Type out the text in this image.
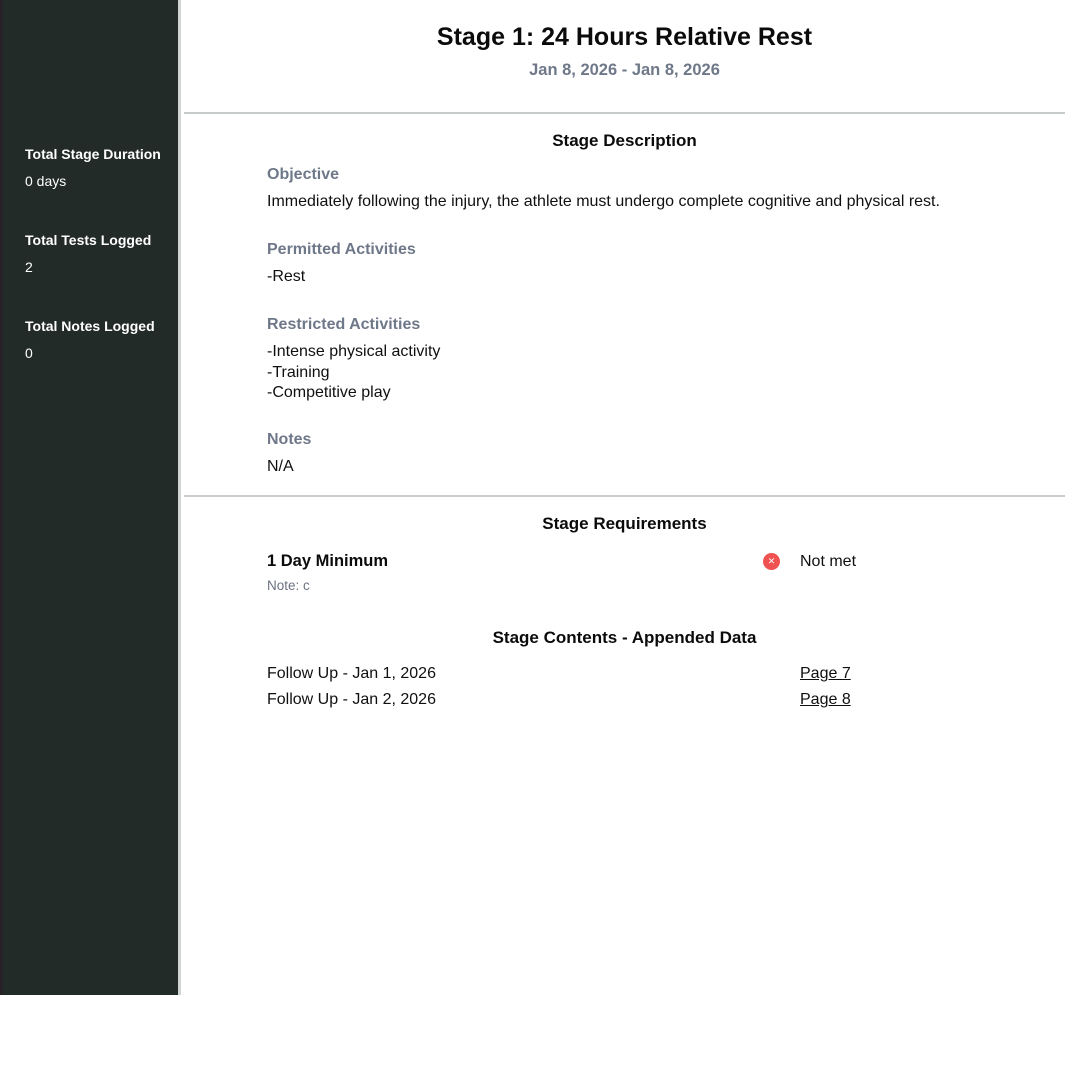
Total Stage Duration
0 days
Total Tests Logged
2
Total Notes Logged
0
Stage 1: 24 Hours Relative Rest
Jan 8, 2026 - Jan 8, 2026
Stage Description
Objective
Immediately following the injury, the athlete must undergo complete cognitive and physical rest.
Permitted Activities
-Rest
Restricted Activities
-Intense physical activity
-Training
-Competitive play
Notes
N/A
Stage Requirements
1 Day Minimum	✕ Not met
Note: c
Stage Contents - Appended Data
Follow Up - Jan 1, 2026	Page 7
Follow Up - Jan 2, 2026	Page 8
